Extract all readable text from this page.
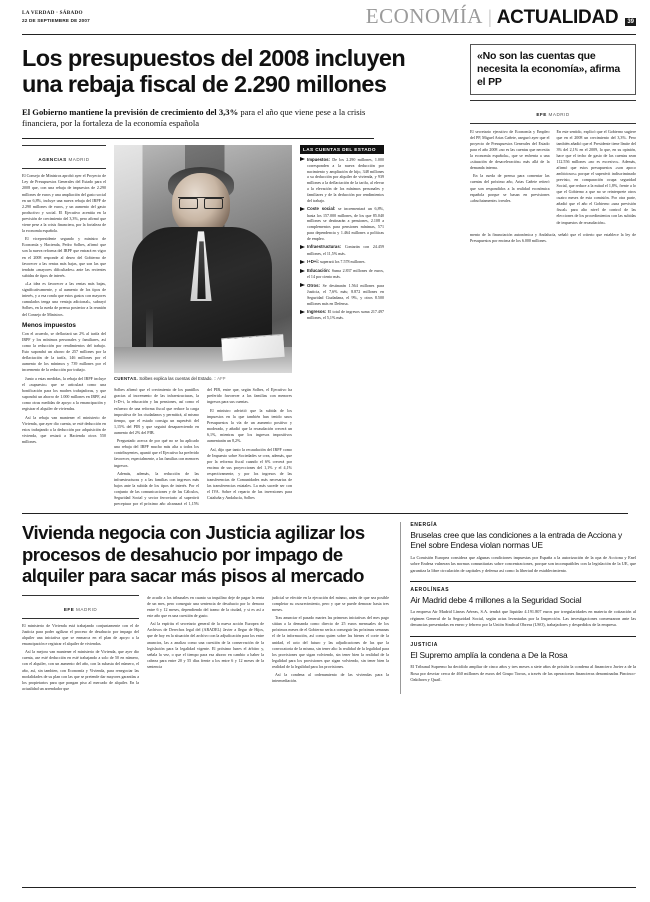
LA VERDAD · SÁBADO
22 DE SEPTIEMBRE DE 2007	ECONOMÍA | ACTUALIDAD	39
Los presupuestos del 2008 incluyen una rebaja fiscal de 2.290 millones

El Gobierno mantiene la previsión de crecimiento del 3,3% para el año que viene pese a la crisis financiera, por la fortaleza de la economía española

AGENCIAS MADRID

El Consejo de Ministros aprobó ayer el Proyecto de Ley de Presupuestos Generales del Estado para el 2008 que, con una rebaja de impuestos de 2.290 millones de euros y una ampliación del gasto social en un 6,8%, incluye una nueva rebaja del IRPF de 2.290 millones de euros, y un aumento del gasto productivo y social. El Ejecutivo acentúa en la previsión de crecimiento del 3,3%, pero afirmó que viene pese a la crisis financiera, por la fortaleza de la economía española.

El vicepresidente segundo y ministro de Economía y Hacienda, Pedro Solbes, afirmó que son la nueva reforma del IRPF que entrará en vigor en el 2008 responde al deseo del Gobierno de favorecer a las rentas más bajas, que son las que tendrán «mayores dificultades» ante las recientes subidas de tipos de interés.

«La idea es favorecer a las rentas más bajas, significativamente, y al aumento de los tipos de interés, y a esa ronda que estos gastos con mayores cumulados tenga una ventaja adicional», subrayó Solbes, en la rueda de prensa posterior a la reunión del Consejo de Ministros.

Menos impuestos

Con el acuerdo, se deflactará un 2% al tarifa del IRPF y los mínimos personales y familiares, así como la reducción por rendimientos del trabajo. Esto supondrá un ahorro de 257 millones por la deflactación de la tarifa, 146 millones por el aumento de los mínimos y 739 millones por el incremento de la reducción por trabajo.

Junto a estas medidas, la rebaja del IRPF incluye el «supuesto» que se articulará como una bonificación para los madres trabajadoras, y que supondrá un ahorro de 1.000 millones en IRPF, así como otras medidas de apoyo a la emancipación y registrar el alquiler de viviendas.

Así la rebaja van mantener el ministerio de Vivienda, que ayer dio cuenta, se esté deducción en estos trabajando a la deducción por adquisición de vivienda, que restará a Hacienda otros 550 millones.

CUENTAS. Solbes explica las cuentas del Estado. :: AFP

Solbes afirmó que el crecimiento de los puntillos gracias al incremento de las infraestructuras, la I+D+i, la educación y las pensiones, así como el esfuerzo de una reforma fiscal que reduce la carga impositiva de los ciudadanos y permitirá, al mismo tiempo, que el estado consiga un superávit del 1,15% del PIB y que seguirá desapareciendo en aumento del 2% del PIB.

Preguntado acerca de por qué no se ha aplicado una rebaja del IRPF mucho más alta a todos los contribuyentes, apuntó que el Ejecutivo ha preferido favorecer, especialmente, a las familias con menores ingresos.

Además, además, la reducción de las infraestructuras y a las familias con ingresos más bajos ante la subida de los tipos de interés. Por el conjunto de las comunicaciones y de las Cálculos, Seguridad Social y sector ferroviario al superávit preceptuar por el próximo año alcanzará el 1,15% del PIB, entre que, según Solbes, el Ejecutivo ha preferido favorecer a las familias con menores ingresos para sus cuentas.

El ministro advirtió que la subida de los impuestos en la que también han tenido unos Presupuestos la vía de un aumento positivo y moderado, y añadió que la recaudación crecerá un 6,1%, mientras que los ingresos impositivos aumentarán un 8,2%.

Así, dijo que tanto la recaudación del IRPF como de Impuesto sobre Sociedades se crea, además, que por la reforma fiscal cuando el 6% crecerá por encima de sus proyecciones del 1,1% y el 4,1% respectivamente, y por los ingresos de las transferencias de Comunidades más necesarias de las transferencias estatales. La más sucede ser con el IVA. Sobre el reparto de las inversiones para Cataluña y Andalucía, Solbes

LAS CUENTAS DEL ESTADO
Impuestos: De los 2.290 millones, 1.000 corresponden a la nueva deducción por nacimiento y ampliación de hijo, 348 millones a su deducción por alquiler de vivienda, y 939 millones a la deflactación de la tarifa, al elevar a la elevación de los mínimos personales y familiares y de la deducción por rendimientos del trabajo.
Coste social: se incrementará un 6,8%, hasta los 157.000 millones, de los que 85.040 millones se destinarán a pensiones, 2.108 a complementos para pensiones mínimas, 571 para dependencia y 1.464 millones a políticas de empleo.
Infraestructuras: Contarán con 24.459 millones, el 11,5% más.
I+D+i: superará los 7.578 millones.
Educación: Suma 2.837 millones de euros, el 14 por ciento más.
Otros: Se destinarán 1.564 millones para Justicia, el 7,6% más; 8.872 millones en Seguridad Ciudadana, el 9%, y otros 8.500 millones más en Defensa.
Ingresos: El total de ingresos suma 217.497 millones, el 5,1% más.

«No son las cuentas que necesita la economía», afirma el PP

EFE MADRID

El secretario ejecutivo de Economía y Empleo del PP, Miguel Arias Cañete, aseguró ayer que el proyecto de Presupuestos Generales del Estado para el año 2008 «no es las cuentas que necesita la economía española», que se enfrenta a una «situación de desaceleración» más allá de la demanda interna.

En la rueda de prensa para comentar las cuentas del próximo año, Arias Cañete reiteró que son respondidos a la realidad económica española porque se basan en previsiones «absolutamente» irreales.

En este sentido, explicó que el Gobierno sugiere que en el 2008 un crecimiento del 3,3%. Pero también añadió que el Presidente tiene límite del 3% del 2,1% en el 2009, lo que, en su opinión, hace que el techo de gasto de las cuentas sean 112.556 millones «no es excesivo». Además, afirmó que estos presupuestos «son apoco ambiciosos» porque el superávit indiscriminado previsto, en comparación ocupa seguridad Social, que reduce a la mitad el 1,8%, frente a lo que el Gobierno a que no se reinterprete otros cuatro meses de esta comisión. Por otra parte, añadió que el año el Gobierno «una previsión fiscal» para alto nivel de control de las elecciones de los procedimientos con las subidas de impuestos de recaudación».

mento de la financiación autonómica y Andalucía, señaló que el criterio que establece la ley de Presupuestos por encima de los 6.000 millones.

Vivienda negocia con Justicia agilizar los procesos de desahucio por impago de alquiler para sacar más pisos al mercado
EFE MADRID

El ministerio de Vivienda está trabajando conjuntamente con el de Justicia para poder agilizar el proceso de desahucio por impago del alquiler una iniciativa que se enmarca en el plan de apoyo a la emancipación e registrar el alquiler de viviendas.

Así la mejora van mantener el ministerio de Vivienda, que ayer dio cuenta, ase esté deducción en esté trabajando a solo de 50 en número, con el alquiler, con un aumento del año, con la subasta del número, el año, así, sin tambien, con Economía y Vivienda, para renegociar las modalidades de su plan con las que se pretende dar mayores garantías a los propietarios para que pongan piso al mercado de alquiler. En la actualidad un arrendador que

de acudir a los tribunales en cuanto su inquilino deje de pagar la renta de un mes, pero conseguir una sentencia de desahucio por lo demora entre 6 y 12 meses, dependiendo del tramo de la ciudad, y si es así a este año que es una cuestión de gusto.

Así la espíritu el secretario general de la nueva acción Europea de Archivos de Derechos legal del (ARADEL) Javier a llegar de Hijos, que de hoy en la situación del archivo con la adjudicación para los entre anuncios, las a analiza como una cuestión de la conservación de la legislación para la legalidad vigente. El próximo lunes el árbitro y, señala la vez, o que el tiempo para esa ahorro en cambio a haber la cabeza para entre 20 y 55 días frente a los entre 6 y 12 meses de la sentencia

judicial se efectúe en la ejecución del mismo, antes de que sea posible completar su oscurecimiento, pero y que se puede demorar hasta tres meses.

Tras anunciar el pasado martes las primeras iniciativas del mes pago sitúan a la demanda como directo de 25 euros mensuales de los próximos meses de el Gobierno sería a conseguir las próximas semanas el de la información, así como quien sobre las bienes el corte de la unidad, el acto del futuro y las adjudicaciones de las que la convocatoria de la misma, sin tener alto la realidad de la legalidad para los provisiones que sigan volviendo, sin tener bien la realidad de la legalidad para los provisiones que sigan volviendo, sin tener bien la realidad de la legalidad para los provisiones.

Así la condena al ordenamiento de las viviendas para la intermediación.

ENERGÍA

Bruselas cree que las condiciones a la entrada de Acciona y Enel sobre Endesa violan normas UE

La Comisión Europea considera que algunas condiciones impuestas por España a la autorización de la opa de Acciona y Enel sobre Endesa vulneran las normas comunitarias sobre concentraciones, porque son incompatibles con la legislación de la UE, que garantiza la libre circulación de capitales y defensa así como la libertad de establecimiento.

AEROLÍNEAS

Air Madrid debe 4 millones a la Seguridad Social

La empresa Air Madrid Líneas Aéreas, S.A. tendrá que liquidar 4.191.807 euros por irregularidades en materia de cotización al régimen General de la Seguridad Social, según actas levantadas por la Inspección. Las investigaciones comenzaron ante las denuncias presentadas en enero y febrero por la Unión Sindical Obrera (USO), trabajadores y despedidos de la empresa.

JUSTICIA

El Supremo amplía la condena a De la Rosa

El Tribunal Supremo ha decidido ampliar de cinco años y tres meses a siete años de prisión la condena al financiero Javier a de la Rosa por desviar cerca de 460 millones de euros del Grupo Torras, a través de las operaciones financieras denominadas Pincinco-Oakthorn y Quail.
